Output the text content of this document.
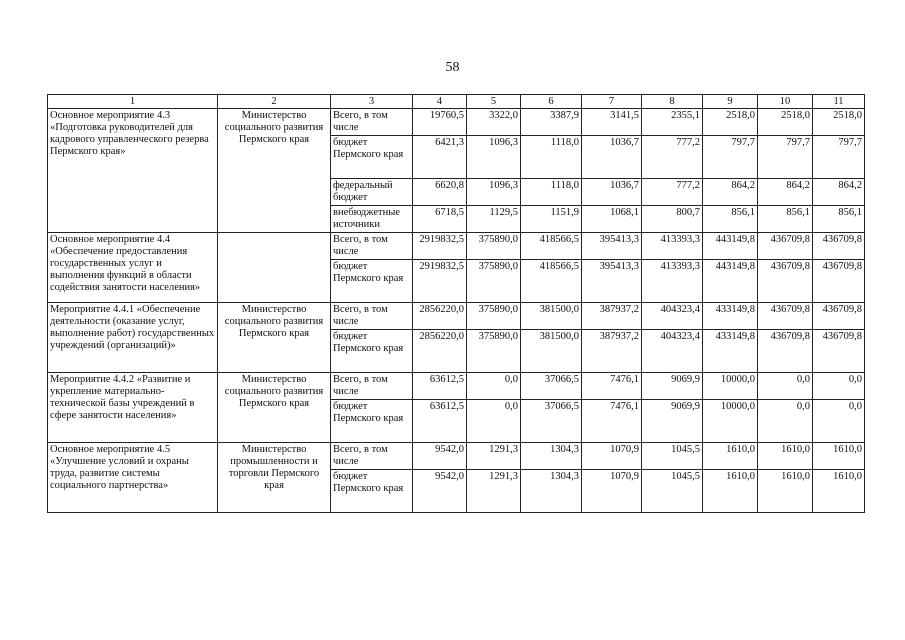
58
1	2	3	4	5	6	7	8	9	10	11
Основное мероприятие 4.3 «Подготовка руководителей для кадрового управленческого резерва Пермского края»	Министерство социального развития Пермского края	Всего, в том числе	19760,5	3322,0	3387,9	3141,5	2355,1	2518,0	2518,0	2518,0
		бюджет Пермского края	6421,3	1096,3	1118,0	1036,7	777,2	797,7	797,7	797,7
		федеральный бюджет	6620,8	1096,3	1118,0	1036,7	777,2	864,2	864,2	864,2
		внебюджетные источники	6718,5	1129,5	1151,9	1068,1	800,7	856,1	856,1	856,1
Основное мероприятие 4.4 «Обеспечение предоставления государственных услуг и выполнения функций в области содействия занятости населения»		Всего, в том числе	2919832,5	375890,0	418566,5	395413,3	413393,3	443149,8	436709,8	436709,8
		бюджет Пермского края	2919832,5	375890,0	418566,5	395413,3	413393,3	443149,8	436709,8	436709,8
Мероприятие 4.4.1 «Обеспечение деятельности (оказание услуг, выполнение работ) государственных учреждений (организаций)»	Министерство социального развития Пермского края	Всего, в том числе	2856220,0	375890,0	381500,0	387937,2	404323,4	433149,8	436709,8	436709,8
		бюджет Пермского края	2856220,0	375890,0	381500,0	387937,2	404323,4	433149,8	436709,8	436709,8
Мероприятие 4.4.2 «Развитие и укрепление материально-технической базы учреждений в сфере занятости населения»	Министерство социального развития Пермского края	Всего, в том числе	63612,5	0,0	37066,5	7476,1	9069,9	10000,0	0,0	0,0
		бюджет Пермского края	63612,5	0,0	37066,5	7476,1	9069,9	10000,0	0,0	0,0
Основное мероприятие 4.5 «Улучшение условий и охраны труда, развитие системы социального партнерства»	Министерство промышленности и торговли Пермского края	Всего, в том числе	9542,0	1291,3	1304,3	1070,9	1045,5	1610,0	1610,0	1610,0
		бюджет Пермского края	9542,0	1291,3	1304,3	1070,9	1045,5	1610,0	1610,0	1610,0
